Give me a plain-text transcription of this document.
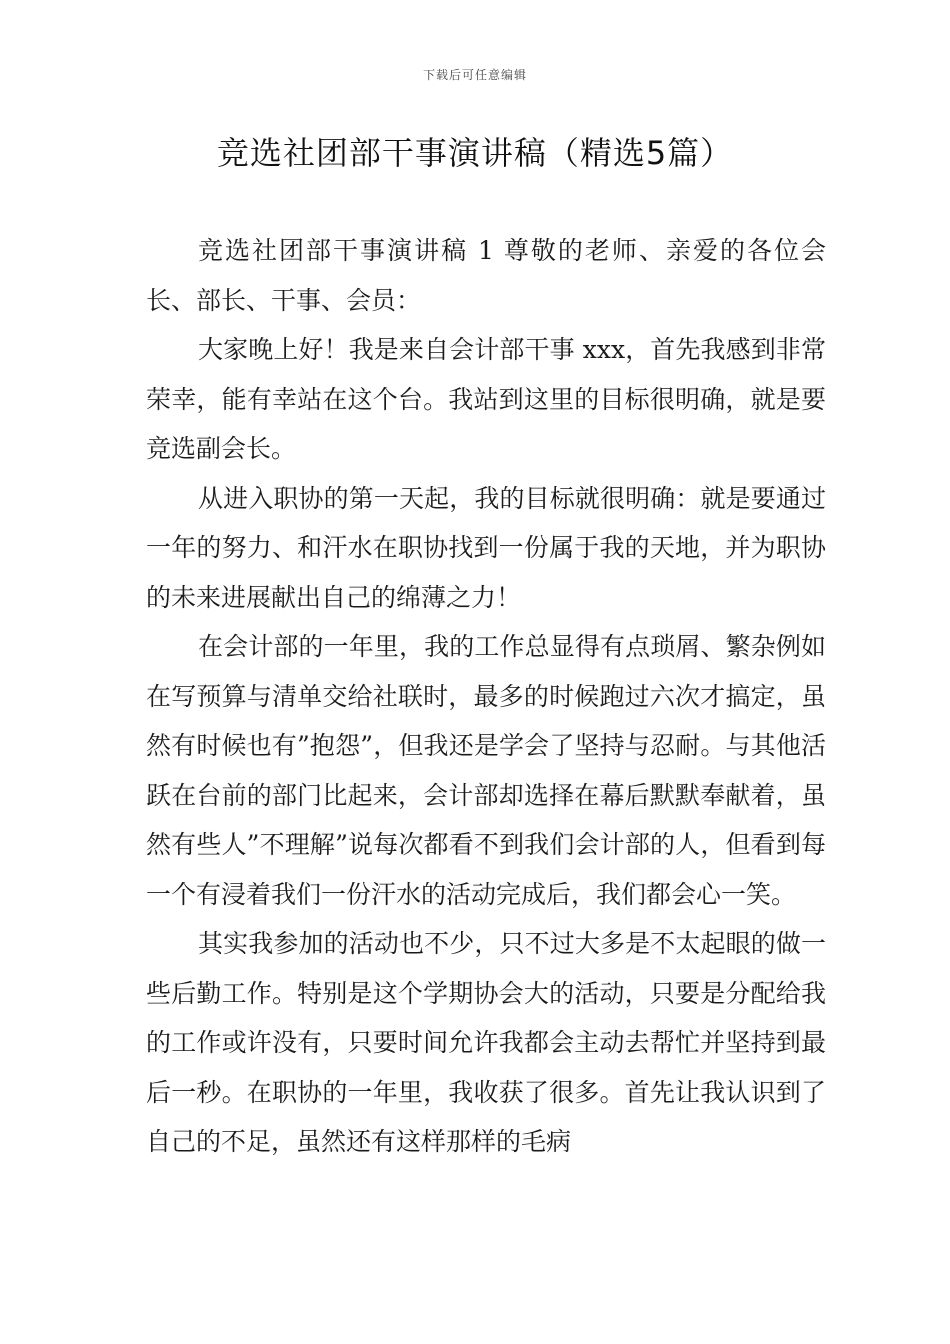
下载后可任意编辑
竞选社团部干事演讲稿（精选5篇）

竞选社团部干事演讲稿 1 尊敬的老师、亲爱的各位会长、部长、干事、会员：

大家晚上好！我是来自会计部干事 xxx，首先我感到非常荣幸，能有幸站在这个台。我站到这里的目标很明确，就是要竞选副会长。

从进入职协的第一天起，我的目标就很明确：就是要通过一年的努力、和汗水在职协找到一份属于我的天地，并为职协的未来进展献出自己的绵薄之力！

在会计部的一年里，我的工作总显得有点琐屑、繁杂例如在写预算与清单交给社联时，最多的时候跑过六次才搞定，虽然有时候也有”抱怨”，但我还是学会了坚持与忍耐。与其他活跃在台前的部门比起来，会计部却选择在幕后默默奉献着，虽然有些人”不理解”说每次都看不到我们会计部的人，但看到每一个有浸着我们一份汗水的活动完成后，我们都会心一笑。

其实我参加的活动也不少，只不过大多是不太起眼的做一些后勤工作。特别是这个学期协会大的活动，只要是分配给我的工作或许没有，只要时间允许我都会主动去帮忙并坚持到最后一秒。在职协的一年里，我收获了很多。首先让我认识到了自己的不足，虽然还有这样那样的毛病
